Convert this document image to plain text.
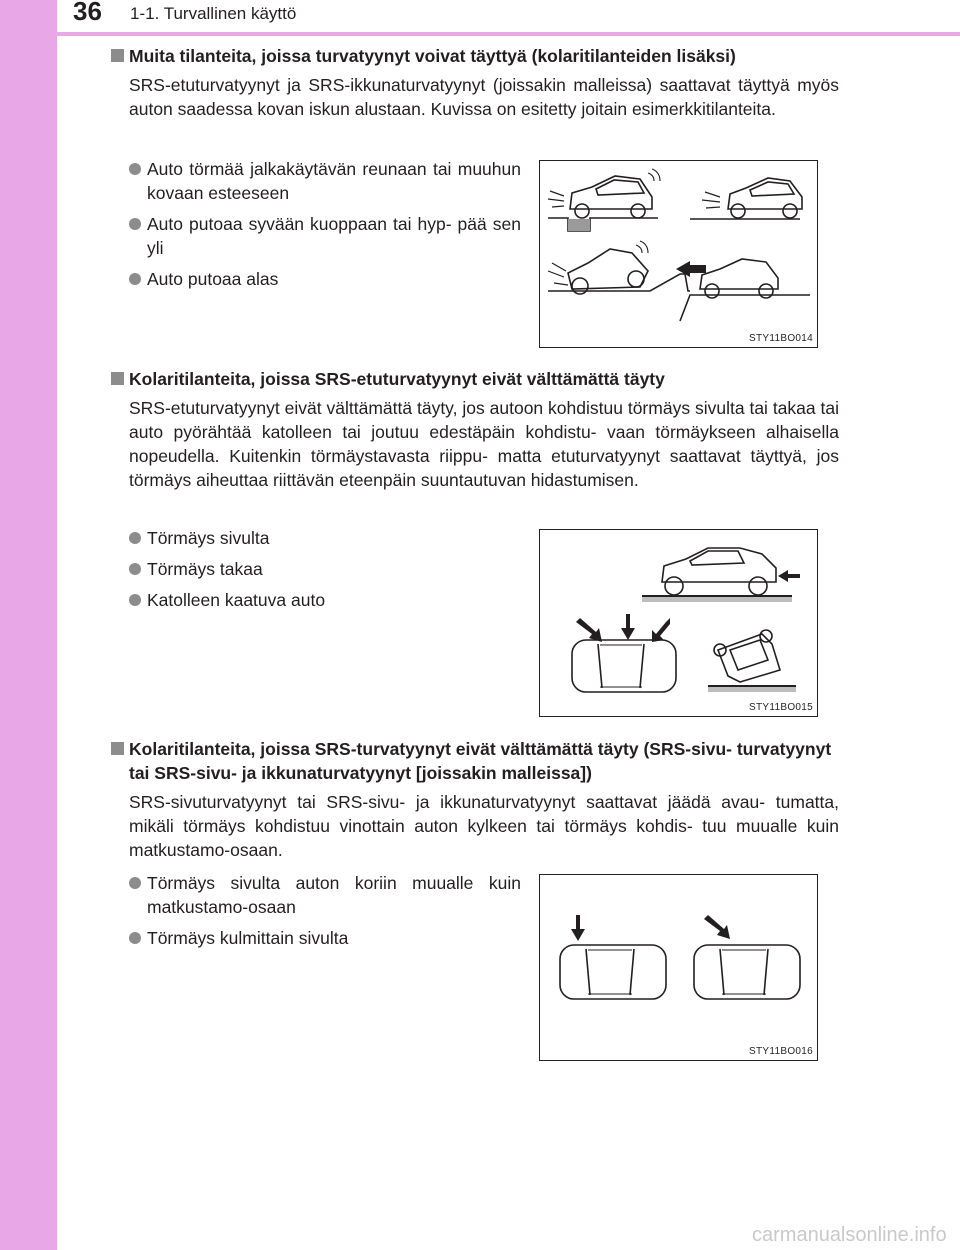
36 1-1. Turvallinen käyttö
Muita tilanteita, joissa turvatyynyt voivat täyttyä (kolaritilanteiden lisäksi)
SRS-etuturvatyynyt ja SRS-ikkunaturvatyynyt (joissakin malleissa) saattavat täyttyä myös auton saadessa kovan iskun alustaan. Kuvissa on esitetty joitain esimerkkitilanteita.
Auto törmää jalkakäytävän reunaan tai muuhun kovaan esteeseen
Auto putoaa syvään kuoppaan tai hyp- pää sen yli
Auto putoaa alas
STY11BO014
Kolaritilanteita, joissa SRS-etuturvatyynyt eivät välttämättä täyty
SRS-etuturvatyynyt eivät välttämättä täyty, jos autoon kohdistuu törmäys sivulta tai takaa tai auto pyörähtää katolleen tai joutuu edestäpäin kohdistu- vaan törmäykseen alhaisella nopeudella. Kuitenkin törmäystavasta riippu- matta etuturvatyynyt saattavat täyttyä, jos törmäys aiheuttaa riittävän eteenpäin suuntautuvan hidastumisen.
Törmäys sivulta
Törmäys takaa
Katolleen kaatuva auto
STY11BO015
Kolaritilanteita, joissa SRS-turvatyynyt eivät välttämättä täyty (SRS-sivu- turvatyynyt tai SRS-sivu- ja ikkunaturvatyynyt [joissakin malleissa])
SRS-sivuturvatyynyt tai SRS-sivu- ja ikkunaturvatyynyt saattavat jäädä avau- tumatta, mikäli törmäys kohdistuu vinottain auton kylkeen tai törmäys kohdis- tuu muualle kuin matkustamo-osaan.
Törmäys sivulta auton koriin muualle kuin matkustamo-osaan
Törmäys kulmittain sivulta
STY11BO016
carmanualsonline.info
